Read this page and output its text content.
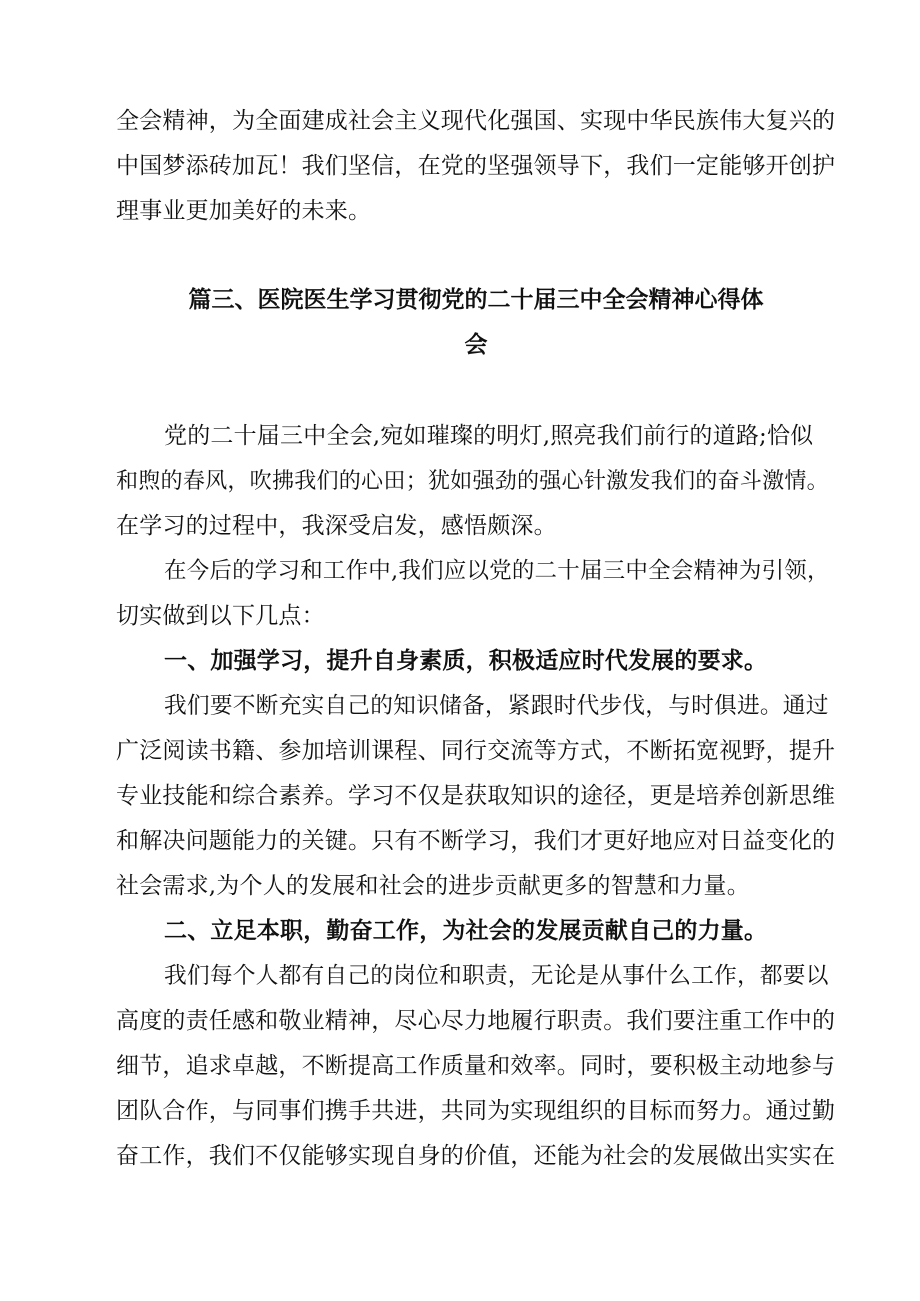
全会精神，为全面建成社会主义现代化强国、实现中华民族伟大复兴的
中国梦添砖加瓦！我们坚信，在党的坚强领导下，我们一定能够开创护
理事业更加美好的未来。
篇三、医院医生学习贯彻党的二十届三中全会精神心得体
会
党的二十届三中全会,宛如璀璨的明灯,照亮我们前行的道路;恰似
和煦的春风，吹拂我们的心田；犹如强劲的强心针激发我们的奋斗激情。
在学习的过程中，我深受启发，感悟颇深。
在今后的学习和工作中,我们应以党的二十届三中全会精神为引领，
切实做到以下几点：
一、加强学习，提升自身素质，积极适应时代发展的要求。
我们要不断充实自己的知识储备，紧跟时代步伐，与时俱进。通过
广泛阅读书籍、参加培训课程、同行交流等方式，不断拓宽视野，提升
专业技能和综合素养。学习不仅是获取知识的途径，更是培养创新思维
和解决问题能力的关键。只有不断学习，我们才更好地应对日益变化的
社会需求,为个人的发展和社会的进步贡献更多的智慧和力量。
二、立足本职，勤奋工作，为社会的发展贡献自己的力量。
我们每个人都有自己的岗位和职责，无论是从事什么工作，都要以
高度的责任感和敬业精神，尽心尽力地履行职责。我们要注重工作中的
细节，追求卓越，不断提高工作质量和效率。同时，要积极主动地参与
团队合作，与同事们携手共进，共同为实现组织的目标而努力。通过勤
奋工作，我们不仅能够实现自身的价值，还能为社会的发展做出实实在
